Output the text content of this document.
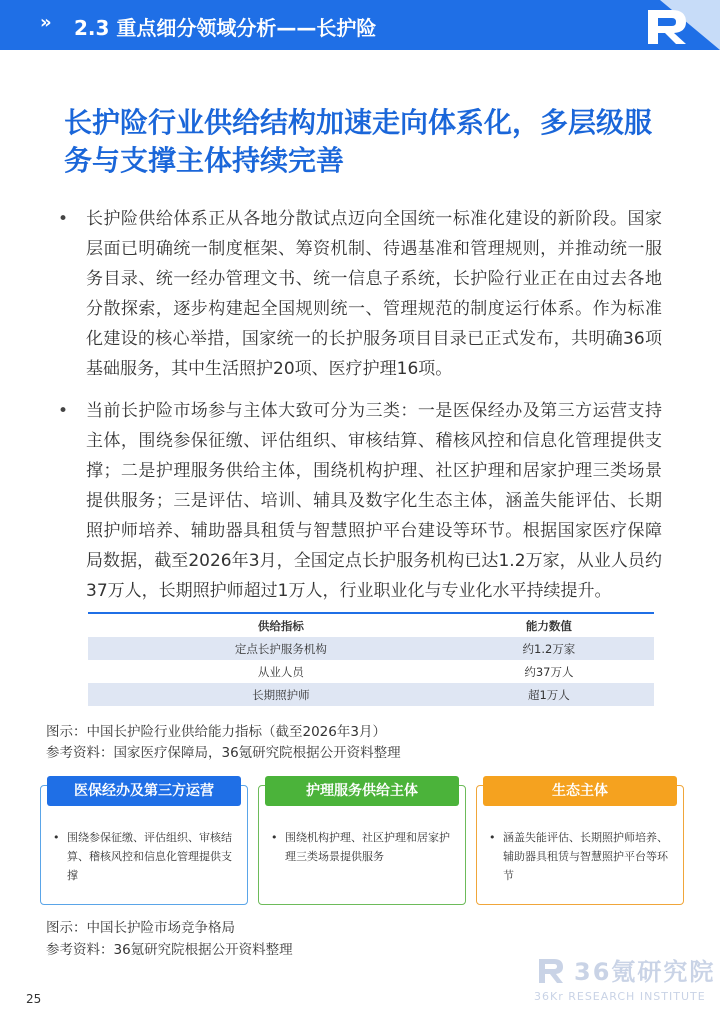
» 2.3 重点细分领域分析——长护险
长护险行业供给结构加速走向体系化，多层级服务与支撑主体持续完善
• 长护险供给体系正从各地分散试点迈向全国统一标准化建设的新阶段。国家层面已明确统一制度框架、筹资机制、待遇基准和管理规则，并推动统一服务目录、统一经办管理文书、统一信息子系统，长护险行业正在由过去各地分散探索，逐步构建起全国规则统一、管理规范的制度运行体系。作为标准化建设的核心举措，国家统一的长护服务项目目录已正式发布，共明确36项基础服务，其中生活照护20项、医疗护理16项。
• 当前长护险市场参与主体大致可分为三类：一是医保经办及第三方运营支持主体，围绕参保征缴、评估组织、审核结算、稽核风控和信息化管理提供支撑；二是护理服务供给主体，围绕机构护理、社区护理和居家护理三类场景提供服务；三是评估、培训、辅具及数字化生态主体，涵盖失能评估、长期照护师培养、辅助器具租赁与智慧照护平台建设等环节。根据国家医疗保障局数据，截至2026年3月，全国定点长护服务机构已达1.2万家，从业人员约37万人，长期照护师超过1万人，行业职业化与专业化水平持续提升。
供给指标	能力数值
定点长护服务机构	约1.2万家
从业人员	约37万人
长期照护师	超1万人
图示：中国长护险行业供给能力指标（截至2026年3月）
参考资料：国家医疗保障局，36氪研究院根据公开资料整理
医保经办及第三方运营
• 围绕参保征缴、评估组织、审核结算、稽核风控和信息化管理提供支撑
护理服务供给主体
• 围绕机构护理、社区护理和居家护理三类场景提供服务
生态主体
• 涵盖失能评估、长期照护师培养、辅助器具租赁与智慧照护平台等环节
图示：中国长护险市场竞争格局
参考资料：36氪研究院根据公开资料整理
25
36氪研究院
36Kr RESEARCH INSTITUTE
